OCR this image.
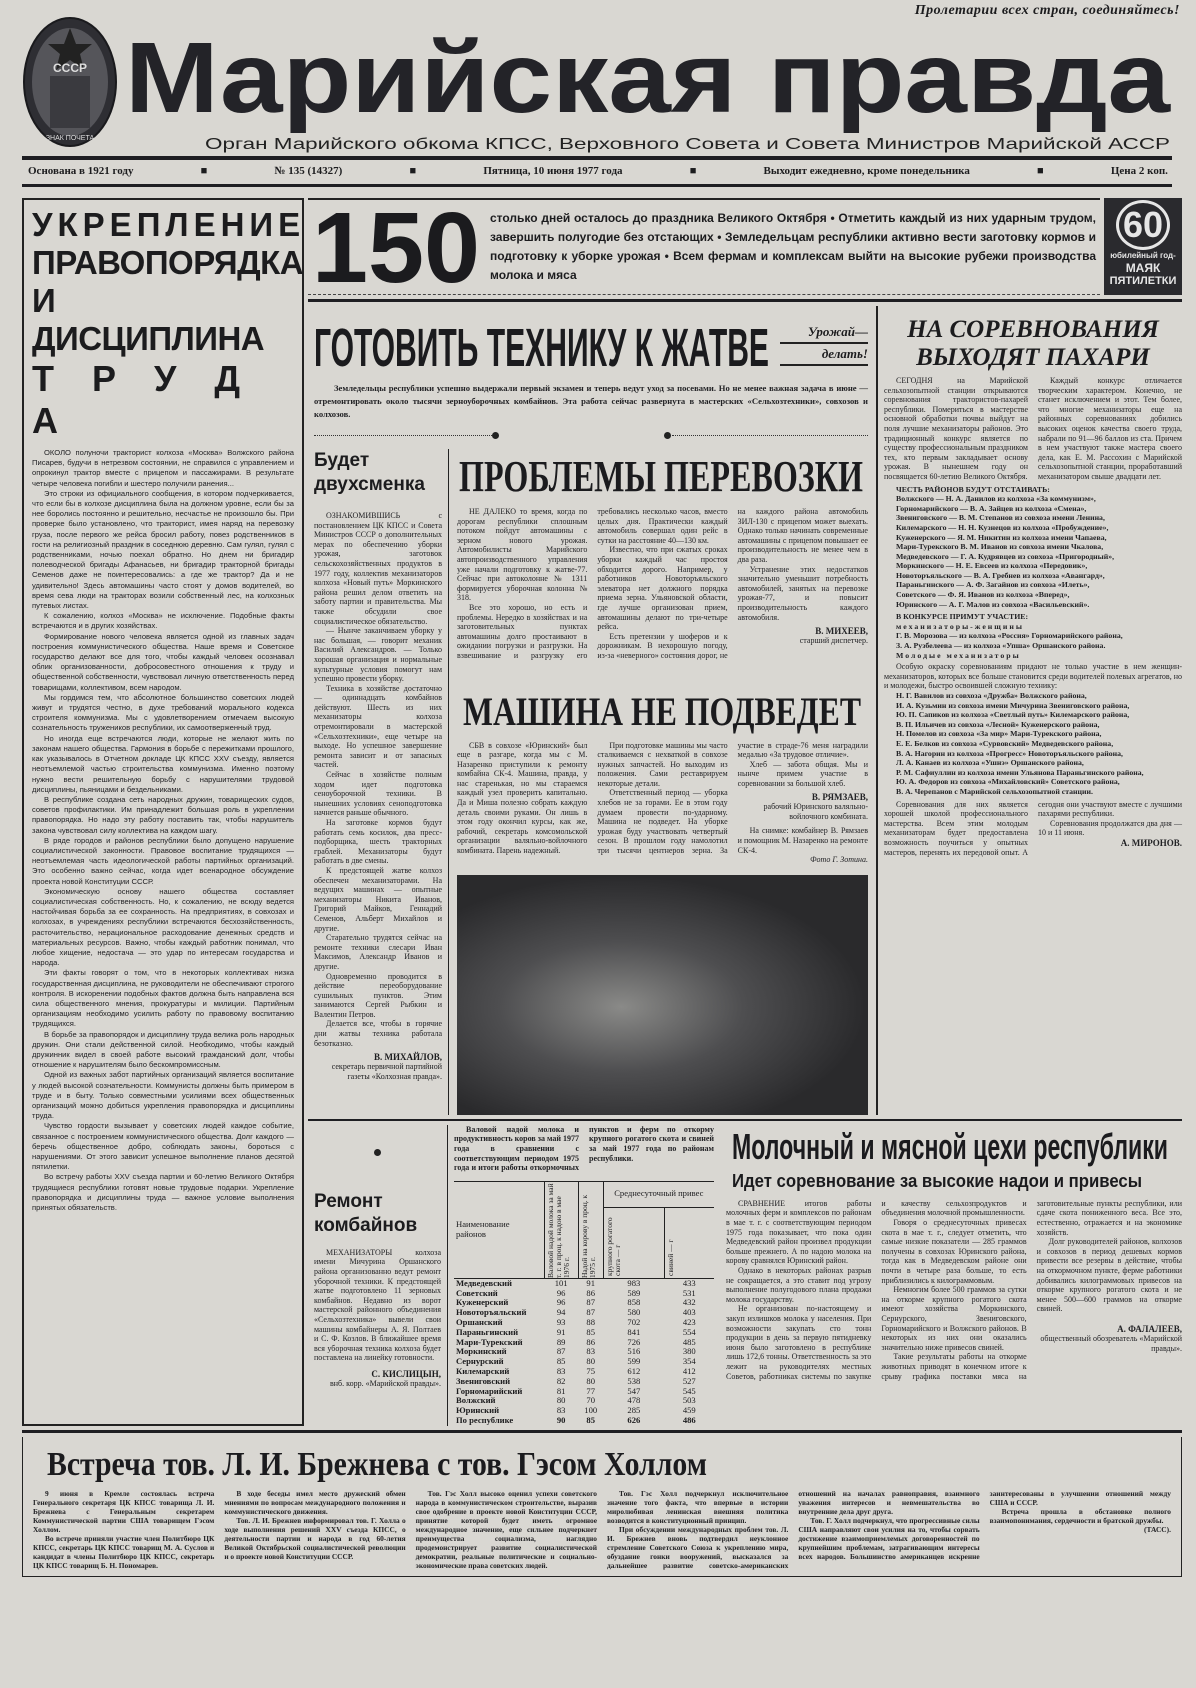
СССР
ЗНАК ПОЧЕТА
Пролетарии всех стран, соединяйтесь!
Марийская правда
Орган Марийского обкома КПСС, Верховного Совета и Совета Министров Марийской АССР
Основана в 1921 году	■	№ 135 (14327)	■	Пятница, 10 июня 1977 года	■	Выходит ежедневно, кроме понедельника	■	Цена 2 коп.
УКРЕПЛЕНИЕ
ПРАВОПОРЯДКА
И ДИСЦИПЛИНА
Т Р У Д А

ОКОЛО полуночи тракторист колхоза «Москва» Волжского района Писарев, будучи в нетрезвом состоянии, не справился с управлением и опрокинул трактор вместе с прицепом и пассажирами. В результате четыре человека погибли и шестеро получили ранения...

Это строки из официального сообщения, в котором подчеркивается, что если бы в колхозе дисциплина была на должном уровне, если бы за нее боролись постоянно и решительно, несчастье не произошло бы. При проверке было установлено, что тракторист, имея наряд на перевозку груза, после первого же рейса бросил работу, повез родственников в гости на религиозный праздник в соседнюю деревню. Сам гулял, гулял с родственниками, ночью поехал обратно. Но днем ни бригадир полеводческой бригады Афанасьев, ни бригадир тракторной бригады Семенов даже не поинтересовались: а где же трактор? Да и не удивительно! Здесь автомашины часто стоят у домов водителей, во время сева люди на тракторах возили собственный лес, на колхозных путевых листах.

К сожалению, колхоз «Москва» не исключение. Подобные факты встречаются и в других хозяйствах.

Формирование нового человека является одной из главных задач построения коммунистического общества. Наше время и Советское государство делают все для того, чтобы каждый человек осознавал облик организованности, добросовестного отношения к труду и общественной собственности, чувствовал личную ответственность перед товарищами, коллективом, всем народом.

Мы гордимся тем, что абсолютное большинство советских людей живут и трудятся честно, в духе требований морального кодекса строителя коммунизма. Мы с удовлетворением отмечаем высокую сознательность тружеников республики, их самоотверженный труд.

Но иногда еще встречаются люди, которые не желают жить по законам нашего общества. Гармония в борьбе с пережитками прошлого, как указывалось в Отчетном докладе ЦК КПСС XXV съезду, является неотъемлемой частью строительства коммунизма. Именно поэтому нужно вести решительную борьбу с нарушителями трудовой дисциплины, пьяницами и бездельниками.

В республике создана сеть народных дружин, товарищеских судов, советов профилактики. Им принадлежит большая роль в укреплении правопорядка. Но надо эту работу поставить так, чтобы нарушитель закона чувствовал силу коллектива на каждом шагу.

В ряде городов и районов республики было допущено нарушение социалистической законности. Правовое воспитание трудящихся — неотъемлемая часть идеологической работы партийных организаций. Это особенно важно сейчас, когда идет всенародное обсуждение проекта новой Конституции СССР.

Экономическую основу нашего общества составляет социалистическая собственность. Но, к сожалению, не всюду ведется настойчивая борьба за ее сохранность. На предприятиях, в совхозах и колхозах, в учреждениях республики встречаются бесхозяйственность, расточительство, нерациональное расходование денежных средств и материальных ресурсов. Важно, чтобы каждый работник понимал, что любое хищение, недостача — это удар по интересам государства и народа.

Эти факты говорят о том, что в некоторых коллективах низка государственная дисциплина, не руководители не обеспечивают строгого контроля. В искоренении подобных фактов должна быть направлена вся сила общественного мнения, прокуратуры и милиции. Партийным организациям необходимо усилить работу по правовому воспитанию трудящихся.

В борьбе за правопорядок и дисциплину труда велика роль народных дружин. Они стали действенной силой. Необходимо, чтобы каждый дружинник видел в своей работе высокий гражданский долг, чтобы отношение к нарушителям было бескомпромиссным.

Одной из важных забот партийных организаций является воспитание у людей высокой сознательности. Коммунисты должны быть примером в труде и в быту. Только совместными усилиями всех общественных организаций можно добиться укрепления правопорядка и дисциплины труда.

Чувство гордости вызывает у советских людей каждое событие, связанное с построением коммунистического общества. Долг каждого — беречь общественное добро, соблюдать законы, бороться с нарушениями. От этого зависит успешное выполнение планов десятой пятилетки.

Во встречу работы XXV съезда партии и 60-летию Великого Октября трудящиеся республики готовят новые трудовые подарки. Укрепление правопорядка и дисциплины труда — важное условие выполнения принятых обязательств.

150 столько дней осталось до праздника Великого Октября • Отметить каждый из них ударным трудом, завершить полугодие без отстающих • Земледельцам республики активно вести заготовку кормов и подготовку к уборке урожая • Всем фермам и комплексам выйти на высокие рубежи производства молока и мяса
60
юбилейный год-
МАЯК
ПЯТИЛЕТКИ
ГОТОВИТЬ ТЕХНИКУ К ЖАТВЕ	Урожай—
делать!
Земледельцы республики успешно выдержали первый экзамен и теперь ведут уход за посевами. Но не менее важная задача в июне — отремонтировать около тысячи зерноуборочных комбайнов. Эта работа сейчас развернута в мастерских «Сельхозтехники», совхозов и колхозов.
Будет двухсменка

ОЗНАКОМИВШИСЬ с постановлением ЦК КПСС и Совета Министров СССР о дополнительных мерах по обеспечению уборки урожая, заготовок сельскохозяйственных продуктов в 1977 году, коллектив механизаторов колхоза «Новый путь» Моркинского района решил делом ответить на заботу партии и правительства. Мы также обсудили свое социалистическое обязательство.

— Нынче заканчиваем уборку у нас большая, — говорит механик Василий Александров. — Только хорошая организация и нормальные культурные условия помогут нам успешно провести уборку.

Техника в хозяйстве достаточно — одиннадцать комбайнов действуют. Шесть из них механизаторы колхоза отремонтировали в мастерской «Сельхозтехники», еще четыре на выходе. Но успешное завершение ремонта зависит и от запасных частей.

Сейчас в хозяйстве полным ходом идет подготовка сеноуборочной техники. В нынешних условиях сеноподготовка начнется раньше обычного.

На заготовке кормов будут работать семь косилок, два пресс-подборщика, шесть тракторных граблей. Механизаторы будут работать в две смены.

К предстоящей жатве колхоз обеспечен механизаторами. На ведущих машинах — опытные механизаторы Никита Иванов, Григорий Майков, Геннадий Семенов, Альберт Михайлов и другие.

Старательно трудятся сейчас на ремонте техники слесари Иван Максимов, Александр Иванов и другие.

Одновременно проводится в действие переоборудование сушильных пунктов. Этим занимаются Сергей Рыбкин и Валентин Петров.

Делается все, чтобы в горячие дни жатвы техника работала безотказно.

В. МИХАЙЛОВ,
секретарь первичной партийной газеты «Колхозная правда».
ПРОБЛЕМЫ ПЕРЕВОЗКИ

НЕ ДАЛЕКО то время, когда по дорогам республики сплошным потоком пойдут автомашины с зерном нового урожая. Автомобилисты Марийского автопроизводственного управления уже начали подготовку к жатве-77. Сейчас при автоколонне № 1311 формируется уборочная колонна № 318.

Все это хорошо, но есть и проблемы. Нередко в хозяйствах и на заготовительных пунктах автомашины долго простаивают в ожидании погрузки и разгрузки. На взвешивание и разгрузку его требовались несколько часов, вместо целых дня. Практически каждый автомобиль совершал один рейс в сутки на расстояние 40—130 км.

Известно, что при сжатых сроках уборки каждый час простоя обходится дорого. Например, у работников Новоторъяльского элеватора нет должного порядка приема зерна. Ульяновской области, где лучше организован прием, автомашины делают по три-четыре рейса.

Есть претензии у шоферов и к дорожникам. В нехорошую погоду, из-за «неверного» состояния дорог, не на каждого района автомобиль ЗИЛ-130 с прицепом может выехать. Однако только начинать современные автомашины с прицепом повышает ее производительность не менее чем в два раза.

Устранение этих недостатков значительно уменьшит потребность автомобилей, занятых на перевозке урожая-77, и повысит производительность каждого автомобиля.

В. МИХЕЕВ,
старший диспетчер.
МАШИНА НЕ ПОДВЕДЕТ

СБВ в совхозе «Юринский» был еще в разгаре, когда мы с М. Назаренко приступили к ремонту комбайна СК-4. Машина, правда, у нас старенькая, но мы стараемся каждый узел проверить капитально. Да и Миша полезно собрать каждую деталь своими руками. Он лишь в этом году окончил курсы, как же, рабочий, секретарь комсомольской организации валяльно-войлочного комбината. Парень надежный.

При подготовке машины мы часто сталкиваемся с нехваткой в совхозе нужных запчастей. Но выходим из положения. Сами реставрируем некоторые детали.

Ответственный период — уборка хлебов не за горами. Ее в этом году думаем провести по-ударному. Машина не подведет. На уборке урожая буду участвовать четвертый сезон. В прошлом году намолотил три тысячи центнеров зерна. За участие в страде-76 меня наградили медалью «За трудовое отличие».

Хлеб — забота общая. Мы и нынче примем участие в соревновании за большой хлеб.

В. РЯМЗАЕВ,
рабочий Юринского валяльно-войлочного комбината.

На снимке: комбайнер В. Рямзаев и помощник М. Назаренко на ремонте СК-4.

Фото Г. Зотина.
НА СОРЕВНОВАНИЯ
ВЫХОДЯТ ПАХАРИ

СЕГОДНЯ на Марийской сельхозопытной станции открываются соревнования трактористов-пахарей республики. Помериться в мастерстве основной обработки почвы выйдут на поля лучшие механизаторы районов. Это традиционный конкурс является по существу профессиональным праздником тех, кто первым закладывает основу урожая. В нынешнем году он посвящается 60-летию Великого Октября.

Каждый конкурс отличается творческим характером. Конечно, не станет исключением и этот. Тем более, что многие механизаторы еще на районных соревнованиях добились высоких оценок качества своего труда, набрали по 91—96 баллов из ста. Причем в нем участвуют также мастера своего дела, как Е. М. Рассохин с Марийской сельхозопытной станции, проработавший механизатором свыше двадцати лет.

ЧЕСТЬ РАЙОНОВ БУДУТ ОТСТАИВАТЬ:

Волжского — Н. А. Данилов из колхоза «За коммунизм»,

Горномарийского — В. А. Зайцев из колхоза «Смена»,

Звениговского — В. М. Степанов из совхоза имени Ленина,

Килемарского — Н. Н. Кузнецов из колхоза «Пробуждение»,

Куженерского — Я. М. Никитин из колхоза имени Чапаева,

Мари-Турекского В. М. Иванов из совхоза имени Чкалова,

Медведевского — Г. А. Кудрявцев из совхоза «Пригородный»,

Моркинского — Н. Е. Евсеев из колхоза «Передовик»,

Новоторъяльского — В. А. Гребнев из колхоза «Авангард»,

Параньгинского — А. Ф. Загайнов из совхоза «Илеть»,

Советского — Ф. Я. Иванов из колхоза «Вперед»,

Юринского — А. Г. Малов из совхоза «Васильевский».

В КОНКУРСЕ ПРИМУТ УЧАСТИЕ:

механизаторы-женщины

Г. В. Морозова — из колхоза «Россия» Горномарийского района,

З. А. Рузбелеева — из колхоза «Упша» Оршанского района.

Молодые механизаторы

Особую окраску соревнованиям придают не только участие в нем женщин-механизаторов, которых все больше становится среди водителей полевых агрегатов, но и молодежи, быстро освоившей сложную технику:

Н. Г. Вавилов из совхоза «Дружба» Волжского района,

И. А. Кузьмин из совхоза имени Мичурина Звениговского района,

Ю. П. Сапиков из колхоза «Светлый путь» Килемарского района,

В. П. Ильичев из совхоза «Лесной» Куженерского района,

Н. Помелов из совхоза «За мир» Мари-Турекского района,

Е. Е. Белков из совхоза «Сурвовский» Медведевского района,

В. А. Нагорин из колхоза «Прогресс» Новоторъяльского района,

Л. А. Канаев из колхоза «Ушнэ» Оршанского района,

Р. М. Сафиуллин из колхоза имени Ульянова Параньгинского района,

Ю. А. Федоров из совхоза «Михайловский» Советского района,

В. А. Черепанов с Марийской сельхозопытной станции.

Соревнования для них является хорошей школой профессионального мастерства. Всем этим молодым механизаторам будет предоставлена возможность поучиться у опытных мастеров, перенять их передовой опыт. А сегодня они участвуют вместе с лучшими пахарями республики.

Соревнования продолжатся два дня — 10 и 11 июня.

А. МИРОНОВ.
Ремонт комбайнов

МЕХАНИЗАТОРЫ колхоза имени Мичурина Оршанского района организованно ведут ремонт уборочной техники. К предстоящей жатве подготовлено 11 зерновых комбайнов. Недавно из ворот мастерской районного объединения «Сельхозтехника» вывели свои машины комбайнеры А. Я. Полтаев и С. Ф. Козлов. В ближайшее время вся уборочная техника колхоза будет поставлена на линейку готовности.

С. КИСЛИЦЫН,
внб. корр. «Марийской правды».
Валовой надой молока и продуктивность коров за май 1977 года в сравнении с соответствующим периодом 1975 года и итоги работы откормочных пунктов и ферм по откорму крупного рогатого скота и свиней за май 1977 года по районам республики.
Наименование районов	Валовой надой молока за май т. г. в проц. к надою в мае 1976 г.	Надой на корову в проц. к 1975 г.	Среднесуточный привес	

			крупного рогатого скота — г	свиней — г

Медведевский	101	91	983	433
Советский	96	86	589	531
Куженерский	96	87	858	432
Новоторъяльский	94	87	580	403
Оршанский	93	88	702	423
Параньгинский	91	85	841	554
Мари-Турекский	89	86	726	485
Моркинский	87	83	516	380
Сернурский	85	80	599	354
Килемарский	83	75	612	412
Звениговский	82	80	538	527
Горномарийский	81	77	547	545
Волжский	80	70	478	503
Юринский	83	100	285	459
По республике	90	85	626	486
Молочный и мясной цехи республики
Идет соревнование за высокие надои и привесы

СРАВНЕНИЕ итогов работы молочных ферм и комплексов по районам в мае т. г. с соответствующим периодом 1975 года показывает, что пока один Медведевский район произвел продукции больше прежнего. А по надою молока на корову сравнялся Юринский район.

Однако в некоторых районах разрыв не сокращается, а это ставит под угрозу выполнение полугодового плана продажи молока государству.

Не организован по-настоящему и закуп излишков молока у населения. При возможности закупать сто тонн продукции в день за первую пятидневку июня было заготовлено в республике лишь 172,6 тонны. Ответственность за это лежит на руководителях местных Советов, работниках системы по закупке и качеству сельхозпродуктов и объединения молочной промышленности.

Говоря о среднесуточных привесах скота в мае т. г., следует отметить, что самые низкие показатели — 285 граммов получены в совхозах Юринского района, тогда как в Медведевском районе они почти в четыре раза больше, то есть приблизились к килограммовым.

Немногим более 500 граммов за сутки на откорме крупного рогатого скота имеют хозяйства Моркинского, Сернурского, Звениговского, Горномарийского и Волжского районов. В некоторых из них они оказались значительно ниже привесов свиней.

Такие результаты работы на откорме животных приводят в конечном итоге к срыву графика поставки мяса на заготовительные пункты республики, или сдаче скота пониженного веса. Все это, естественно, отражается и на экономике хозяйств.

Долг руководителей районов, колхозов и совхозов в период дешевых кормов привести все резервы в действие, чтобы на откормочном пункте, ферме работники добивались килограммовых привесов на откорме крупного рогатого скота и не менее 500—600 граммов на откорме свиней.

А. ФАЛАЛЕЕВ,
общественный обозреватель «Марийской правды».
Встреча тов. Л. И. Брежнева с тов. Гэсом Холлом

9 июня в Кремле состоялась встреча Генерального секретаря ЦК КПСС товарища Л. И. Брежнева с Генеральным секретарем Коммунистической партии США товарищем Гэсом Холлом.

Во встрече приняли участие член Политбюро ЦК КПСС, секретарь ЦК КПСС товарищ М. А. Суслов и кандидат в члены Политбюро ЦК КПСС, секретарь ЦК КПСС товарищ Б. Н. Пономарев.

В ходе беседы имел место дружеский обмен мнениями по вопросам международного положения и коммунистического движения.

Тов. Л. И. Брежнев информировал тов. Г. Холла о ходе выполнения решений XXV съезда КПСС, о деятельности партии и народа в год 60-летия Великой Октябрьской социалистической революции и о проекте новой Конституции СССР.

Тов. Гэс Холл высоко оценил успехи советского народа в коммунистическом строительстве, выразив свое одобрение в проекте новой Конституции СССР, принятие которой будет иметь огромное международное значение, еще сильнее подчеркнет преимущества социализма, наглядно продемонстрирует развитие социалистической демократии, реальные политические и социально-экономические права советских людей.

Тов. Гэс Холл подчеркнул исключительное значение того факта, что впервые в истории миролюбивая ленинская внешняя политика возводится в конституционный принцип.

При обсуждении международных проблем тов. Л. И. Брежнев вновь подтвердил неуклонное стремление Советского Союза к укреплению мира, обуздание гонки вооружений, высказался за дальнейшее развитие советско-американских отношений на началах равноправия, взаимного уважения интересов и невмешательства во внутренние дела друг друга.

Тов. Г. Холл подчеркнул, что прогрессивные силы США направляют свои усилия на то, чтобы сорвать достижение взаимоприемлемых договоренностей по крупнейшим проблемам, затрагивающим интересы всех народов. Большинство американцев искренне заинтересованы в улучшении отношений между США и СССР.

Встреча прошла в обстановке полного взаимопонимания, сердечности и братской дружбы.

(ТАСС).
